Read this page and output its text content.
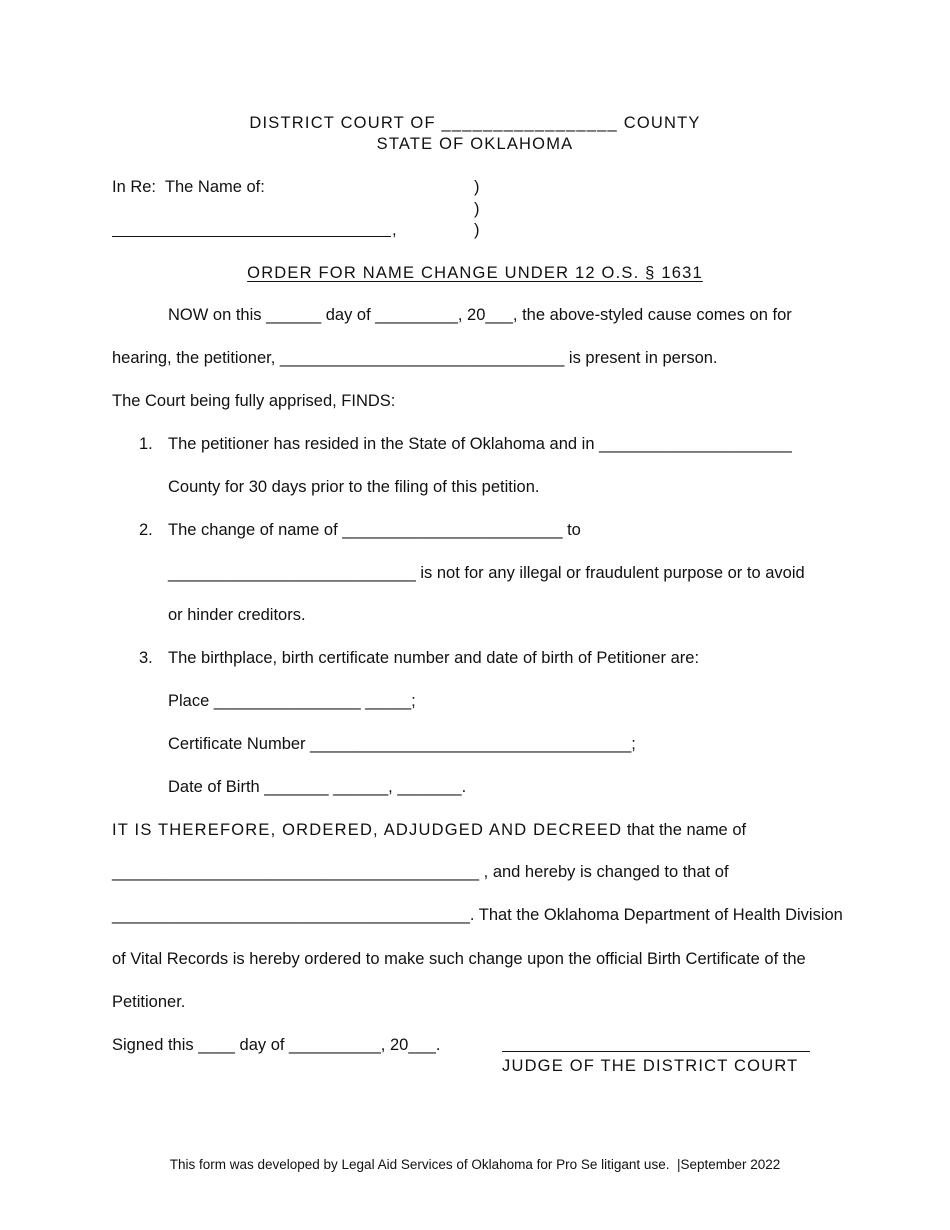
DISTRICT COURT OF _________________ COUNTY
STATE OF OKLAHOMA
In Re:  The Name of:	)
)
)
,
ORDER FOR NAME CHANGE UNDER 12 O.S. § 1631
NOW on this ______ day of _________, 20___, the above-styled cause comes on for
hearing, the petitioner, _______________________________ is present in person.
The Court being fully apprised, FINDS:
1. The petitioner has resided in the State of Oklahoma and in _____________________
County for 30 days prior to the filing of this petition.
2. The change of name of ________________________ to
___________________________ is not for any illegal or fraudulent purpose or to avoid
or hinder creditors.
3. The birthplace, birth certificate number and date of birth of Petitioner are:
Place ________________ _____;
Certificate Number ___________________________________;
Date of Birth _______ ______, _______.
IT IS THEREFORE, ORDERED, ADJUDGED AND DECREED that the name of
________________________________________ , and hereby is changed to that of
_______________________________________. That the Oklahoma Department of Health Division
of Vital Records is hereby ordered to make such change upon the official Birth Certificate of the
Petitioner.
Signed this ____ day of __________, 20___.
JUDGE OF THE DISTRICT COURT
This form was developed by Legal Aid Services of Oklahoma for Pro Se litigant use.  |September 2022
